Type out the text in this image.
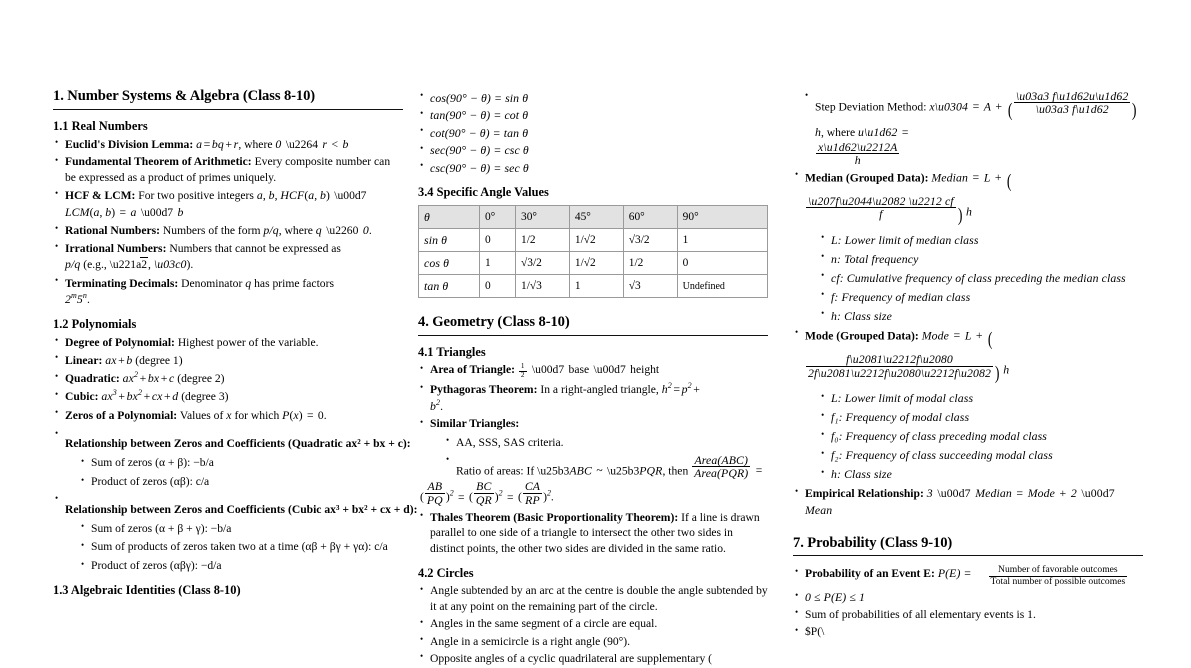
1. Number Systems & Algebra (Class 8-10)
1.1 Real Numbers
• Euclid's Division Lemma: a = bq + r, where 0 \u2264 r < b
• Fundamental Theorem of Arithmetic: Every composite number can be expressed as a product of primes uniquely.
• HCF & LCM: For two positive integers a, b, HCF(a, b) \u00d7
LCM(a, b) = a \u00d7 b
• Rational Numbers: Numbers of the form p/q, where q \u2260 0.
• Irrational Numbers: Numbers that cannot be expressed as
p/q (e.g., \u221a2, \u03c0).
• Terminating Decimals: Denominator q has prime factors
2$^m$5$^n$.
1.2 Polynomials
• Degree of Polynomial: Highest power of the variable.
• Linear: ax + b (degree 1)
• Quadratic: $ax^2$ + bx + c (degree 2)
• Cubic: $ax^3 + bx^2$ + cx + d (degree 3)
• Zeros of a Polynomial: Values of x for which P(x) = 0.
• Relationship between Zeros and Coefficients (Quadratic ax² + bx + c):
• Sum of zeros (α + β): −b/a
• Product of zeros (αβ): c/a
• Relationship between Zeros and Coefficients (Cubic ax³ + bx² + cx + d):
• Sum of zeros (α + β + γ): −b/a
• Sum of products of zeros taken two at a time (αβ + βγ + γα): c/a
• Product of zeros (αβγ): −d/a
1.3 Algebraic Identities (Class 8-10)
• cos(90° − θ) = sin θ
• tan(90° − θ) = cot θ
• cot(90° − θ) = tan θ
• sec(90° − θ) = csc θ
• csc(90° − θ) = sec θ
3.4 Specific Angle Values
θ	0°	30°	45°	60°	90°
sin θ	0	1/2	1/√2	√3/2	1
cos θ	1	√3/2	1/√2	1/2	0
tan θ	0	1/√3	1	√3	Undefined
4. Geometry (Class 8-10)
4.1 Triangles
• Area of Triangle: $\frac{1}{2}$ \u00d7 base \u00d7 height
• Pythagoras Theorem: In a right-angled triangle, $h^2 = p^2$ +
$b^2$.
• Similar Triangles:
• AA, SSS, SAS criteria.
• Ratio of areas: If \u25b3ABC ~ \u25b3PQR, then $\frac{\text{Area(ABC)}}{\text{Area(PQR)}}$ =
( $\frac{AB}{PQ} )^2$ = ( $\frac{BC}{QR} )^2$ = ( $\frac{CA}{RP} )^2$.
• Thales Theorem (Basic Proportionality Theorem): If a line is drawn parallel to one side of a triangle to intersect the other two sides in distinct points, the other two sides are divided in the same ratio.
4.2 Circles
• Angle subtended by an arc at the centre is double the angle subtended by it at any point on the remaining part of the circle.
• Angles in the same segment of a circle are equal.
• Angle in a semicircle is a right angle (90°).
• Opposite angles of a cyclic quadrilateral are supplementary (
• Step Deviation Method: x\u0304 = A + ( $\frac{\backslash u03a3 f\backslash u1d62u\backslash u1d62}{\backslash u03a3 f\backslash u1d62}$ ) h, where u\u1d62 =

$\frac{x\backslash u1d62\backslash u2212A}{h}$
• Median (Grouped Data): Median = L + (
$\frac{\backslash u207f\backslash u2044\backslash u2082 \backslash u2212 cf}{f}$ ) h
• L: Lower limit of median class
• n: Total frequency
• cf: Cumulative frequency of class preceding the median class
• f: Frequency of median class
• h: Class size
• Mode (Grouped Data): Mode = L + (
$\frac{f\backslash u2081\backslash u2212f\backslash u2080}{2f\backslash u2081\backslash u2212f\backslash u2080\backslash u2212f\backslash u2082}$ ) h
• L: Lower limit of modal class
• f₁: Frequency of modal class
• f₀: Frequency of class preceding modal class
• f₂: Frequency of class succeeding modal class
• h: Class size
• Empirical Relationship: 3 \u00d7 Median = Mode + 2 \u00d7
Mean
7. Probability (Class 9-10)
• Probability of an Event E: $P(E) = \frac{\text{Number of favorable outcomes}}{\text{Total number of possible outcomes}}$
• 0 ≤ P(E) ≤ 1
• Sum of probabilities of all elementary events is 1.
• $P(\
